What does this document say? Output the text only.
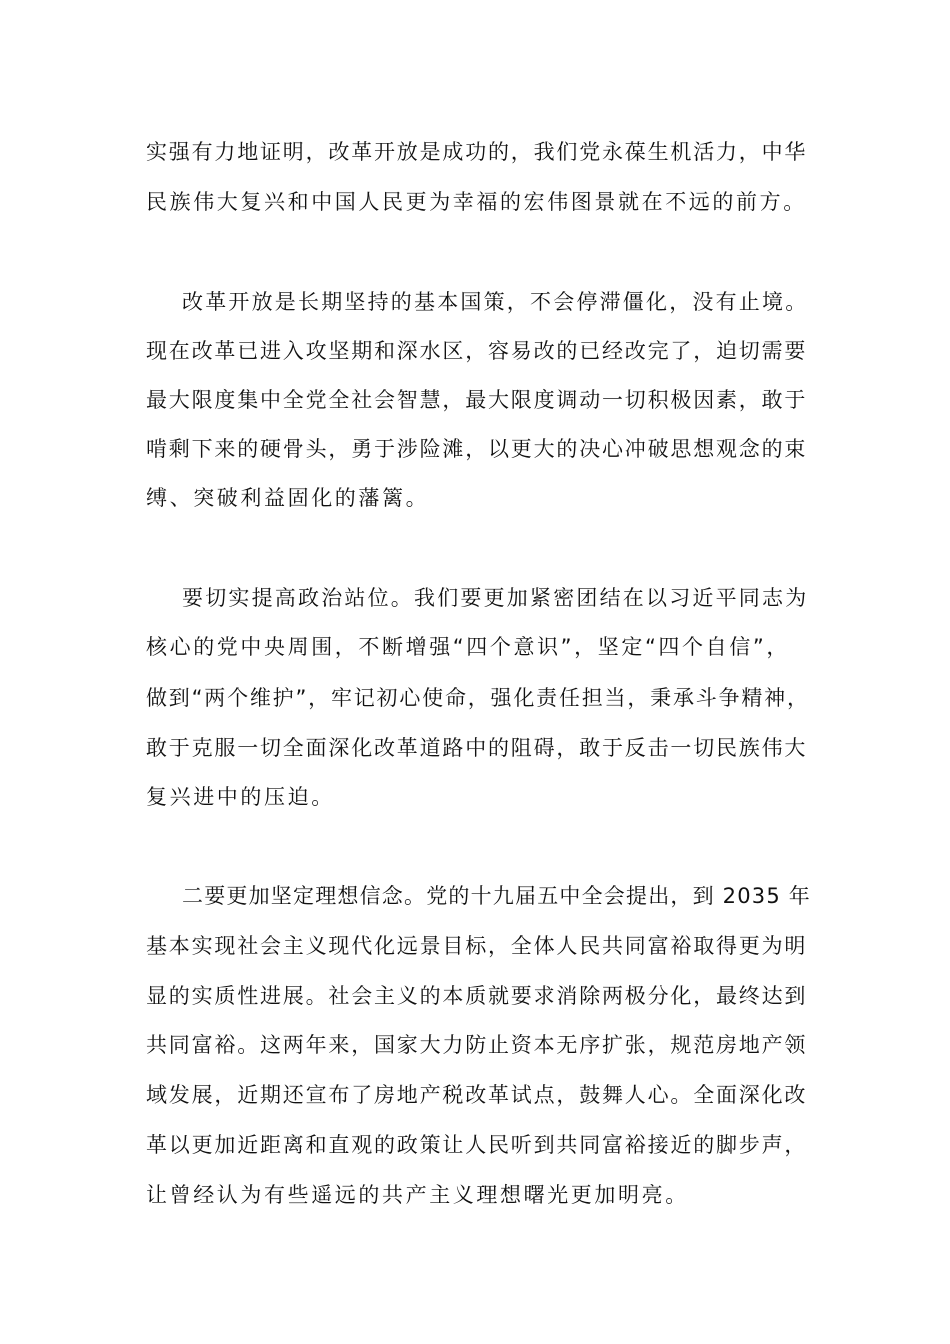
实强有力地证明，改革开放是成功的，我们党永葆生机活力，中华
民族伟大复兴和中国人民更为幸福的宏伟图景就在不远的前方。
改革开放是长期坚持的基本国策，不会停滞僵化，没有止境。
现在改革已进入攻坚期和深水区，容易改的已经改完了，迫切需要
最大限度集中全党全社会智慧，最大限度调动一切积极因素，敢于
啃剩下来的硬骨头，勇于涉险滩，以更大的决心冲破思想观念的束
缚、突破利益固化的藩篱。
要切实提高政治站位。我们要更加紧密团结在以习近平同志为
核心的党中央周围，不断增强“四个意识”，坚定“四个自信”，
做到“两个维护”，牢记初心使命，强化责任担当，秉承斗争精神，
敢于克服一切全面深化改革道路中的阻碍，敢于反击一切民族伟大
复兴进中的压迫。
二要更加坚定理想信念。党的十九届五中全会提出，到 2035 年
基本实现社会主义现代化远景目标，全体人民共同富裕取得更为明
显的实质性进展。社会主义的本质就要求消除两极分化，最终达到
共同富裕。这两年来，国家大力防止资本无序扩张，规范房地产领
域发展，近期还宣布了房地产税改革试点，鼓舞人心。全面深化改
革以更加近距离和直观的政策让人民听到共同富裕接近的脚步声，
让曾经认为有些遥远的共产主义理想曙光更加明亮。
